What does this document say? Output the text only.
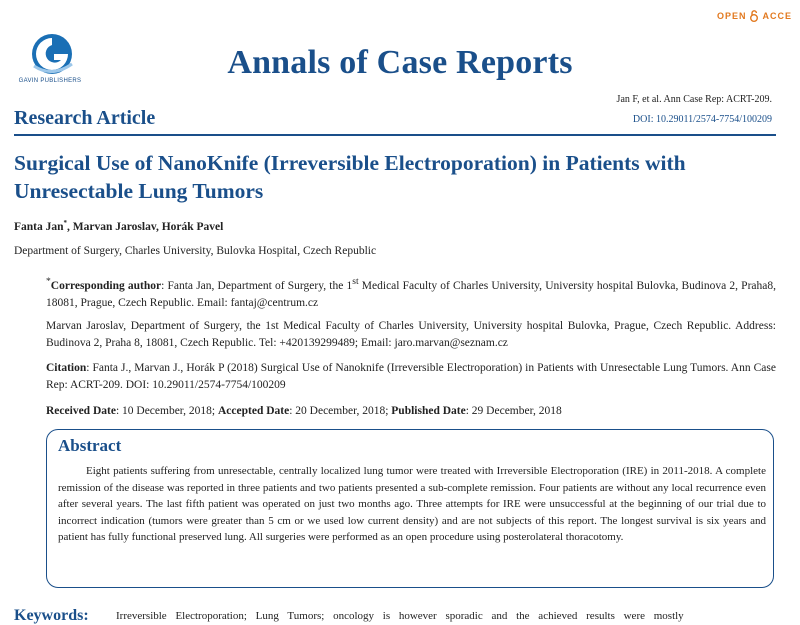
GAVIN PUBLISHERS	Annals of Case Reports
OPEN ACCE
Research Article
Jan F, et al. Ann Case Rep: ACRT-209.
DOI: 10.29011/2574-7754/100209
Surgical Use of NanoKnife (Irreversible Electroporation) in Patients with Unresectable Lung Tumors
Fanta Jan*, Marvan Jaroslav, Horák Pavel
Department of Surgery, Charles University, Bulovka Hospital, Czech Republic
*Corresponding author: Fanta Jan, Department of Surgery, the 1st Medical Faculty of Charles University, University hospital Bulovka, Budinova 2, Praha8, 18081, Prague, Czech Republic. Email: fantaj@centrum.cz
Marvan Jaroslav, Department of Surgery, the 1st Medical Faculty of Charles University, University hospital Bulovka, Prague, Czech Republic. Address: Budinova 2, Praha 8, 18081, Czech Republic. Tel: +420139299489; Email: jaro.marvan@seznam.cz
Citation: Fanta J., Marvan J., Horák P (2018) Surgical Use of Nanoknife (Irreversible Electroporation) in Patients with Unresectable Lung Tumors. Ann Case Rep: ACRT-209. DOI: 10.29011/2574-7754/100209
Received Date: 10 December, 2018; Accepted Date: 20 December, 2018; Published Date: 29 December, 2018
Abstract
Eight patients suffering from unresectable, centrally localized lung tumor were treated with Irreversible Electroporation (IRE) in 2011-2018. A complete remission of the disease was reported in three patients and two patients presented a sub-complete remission. Four patients are without any local recurrence even after several years. The last fifth patient was operated on just two months ago. Three attempts for IRE were unsuccessful at the beginning of our trial due to incorrect indication (tumors were greater than 5 cm or we used low current density) and are not subjects of this report. The longest survival is six years and patient has fully functional preserved lung. All surgeries were performed as an open procedure using posterolateral thoracotomy.
Keywords: Irreversible Electroporation; Lung Tumors; oncology is however sporadic and the achieved results were mostly
